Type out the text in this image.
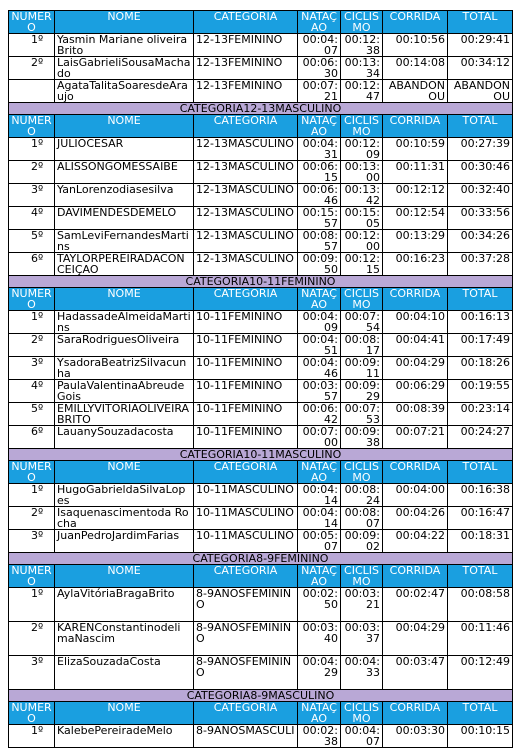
NUMERO	NOME	CATEGORIA	NATAÇAO	CICLISMO	CORRIDA	TOTAL
1º	Yasmin Mariane oliveira Brito	12-13FEMININO	00:04:07	00:12:38	00:10:56	00:29:41
2º	LaisGabrieliSousaMachado	12-13FEMININO	00:06:30	00:13:34	00:14:08	00:34:12
	AgataTalitaSoaresdeAraujo	12-13FEMININO	00:07:21	00:12:47	ABANDONOU	ABANDONOU
CATEGORIA12-13MASCULINO						
NUMERO	NOME	CATEGORIA	NATAÇAO	CICLISMO	CORRIDA	TOTAL
1º	JULIOCESAR	12-13MASCULINO	00:04:31	00:12:09	00:10:59	00:27:39
2º	ALISSONGOMESSAIBE	12-13MASCULINO	00:06:15	00:13:00	00:11:31	00:30:46
3º	YanLorenzodiasesilva	12-13MASCULINO	00:06:46	00:13:42	00:12:12	00:32:40
4º	DAVIMENDESDEMELO	12-13MASCULINO	00:15:57	00:15:05	00:12:54	00:33:56
5º	SamLeviFernandesMartins	12-13MASCULINO	00:08:57	00:12:00	00:13:29	00:34:26
6º	TAYLORPEREIRADACONCEIÇAO	12-13MASCULINO	00:09:50	00:12:15	00:16:23	00:37:28
CATEGORIA10-11FEMININO						
NUMERO	NOME	CATEGORIA	NATAÇAO	CICLISMO	CORRIDA	TOTAL
1º	HadassadeAlmeidaMartins	10-11FEMININO	00:04:09	00:07:54	00:04:10	00:16:13
2º	SaraRodriguesOliveira	10-11FEMININO	00:04:51	00:08:17	00:04:41	00:17:49
3º	YsadoraBeatrizSilvacunha	10-11FEMININO	00:04:46	00:09:11	00:04:29	00:18:26
4º	PaulaValentinaAbreudeGois	10-11FEMININO	00:03:57	00:09:29	00:06:29	00:19:55
5º	EMILLYVITORIAOLIVEIRABRITO	10-11FEMININO	00:06:42	00:07:53	00:08:39	00:23:14
6º	LauanySouzadacosta	10-11FEMININO	00:07:00	00:09:38	00:07:21	00:24:27
CATEGORIA10-11MASCULINO						
NUMERO	NOME	CATEGORIA	NATAÇAO	CICLISMO	CORRIDA	TOTAL
1º	HugoGabrieldaSilvaLopes	10-11MASCULINO	00:04:14	00:08:24	00:04:00	00:16:38
2º	Isaquenascimentoda Rocha	10-11MASCULINO	00:04:14	00:08:07	00:04:26	00:16:47
3º	JuanPedroJardimFarias	10-11MASCULINO	00:05:07	00:09:02	00:04:22	00:18:31
CATEGORIA8-9FEMININO						
NUMERO	NOME	CATEGORIA	NATAÇAO	CICLISMO	CORRIDA	TOTAL
1º	AylaVitóriaBragaBrito	8-9ANOSFEMININO	00:02:50	00:03:21	00:02:47	00:08:58
2º	KARENConstantinodelimaNascim	8-9ANOSFEMININO	00:03:40	00:03:37	00:04:29	00:11:46
3º	ElizaSouzadaCosta	8-9ANOSFEMININO	00:04:29	00:04:33	00:03:47	00:12:49
CATEGORIA8-9MASCULINO						
NUMERO	NOME	CATEGORIA	NATAÇAO	CICLISMO	CORRIDA	TOTAL
1º	KalebePereiradeMelo	8-9ANOSMASCULI	00:02:38	00:04:07	00:03:30	00:10:15
